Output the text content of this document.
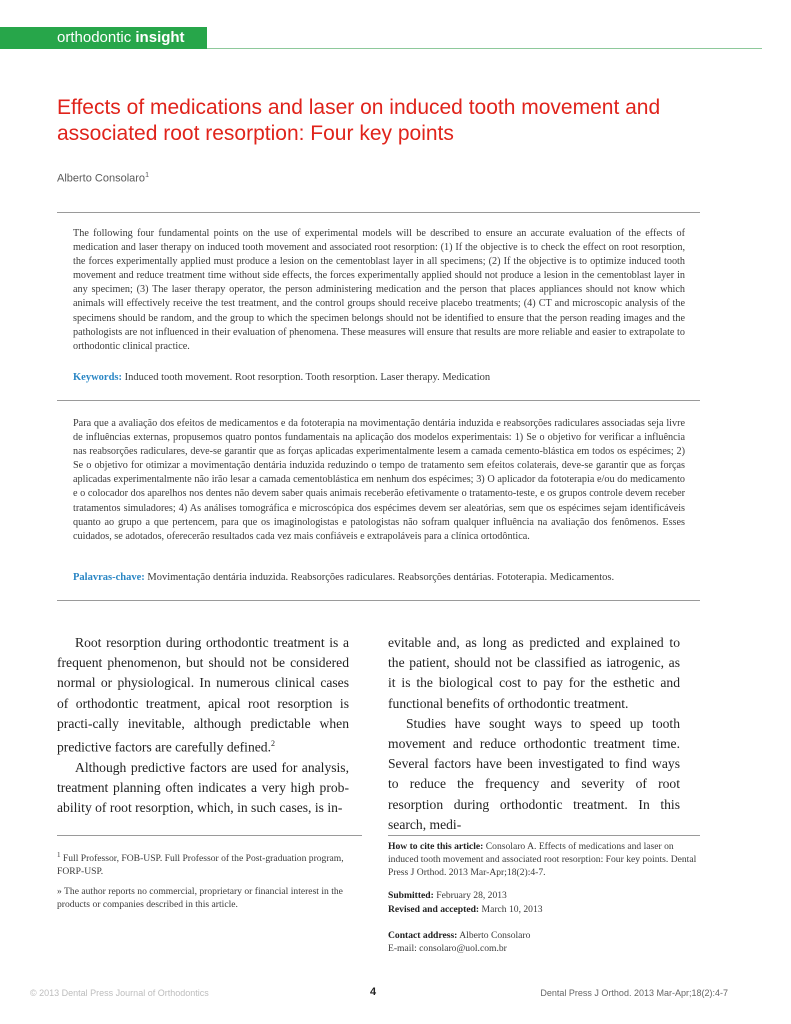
orthodontic insight
Effects of medications and laser on induced tooth movement and associated root resorption: Four key points
Alberto Consolaro$^1$

The following four fundamental points on the use of experimental models will be described to ensure an accurate evaluation of the effects of medication and laser therapy on induced tooth movement and associated root resorption: (1) If the objective is to check the effect on root resorption, the forces experimentally applied must produce a lesion on the cementoblast layer in all specimens; (2) If the objective is to optimize induced tooth movement and reduce treatment time without side effects, the forces experimentally applied should not produce a lesion in the cementoblast layer in any specimen; (3) The laser therapy operator, the person administering medication and the person that places appliances should not know which animals will effectively receive the test treatment, and the control groups should receive placebo treatments; (4) CT and microscopic analysis of the specimens should be random, and the group to which the specimen belongs should not be identified to ensure that the person reading images and the pathologists are not influenced in their evaluation of phenomena. These measures will ensure that results are more reliable and easier to extrapolate to orthodontic clinical practice.

Keywords: Induced tooth movement. Root resorption. Tooth resorption. Laser therapy. Medication

Para que a avaliação dos efeitos de medicamentos e da fototerapia na movimentação dentária induzida e reabsorções radiculares associadas seja livre de influências externas, propusemos quatro pontos fundamentais na aplicação dos modelos experimentais: 1) Se o objetivo for verificar a influência nas reabsorções radiculares, deve-se garantir que as forças aplicadas experimentalmente lesem a camada cemento-blástica em todos os espécimes; 2) Se o objetivo for otimizar a movimentação dentária induzida reduzindo o tempo de tratamento sem efeitos colaterais, deve-se garantir que as forças aplicadas experimentalmente não irão lesar a camada cementoblástica em nenhum dos espécimes; 3) O aplicador da fototerapia e/ou do medicamento e o colocador dos aparelhos nos dentes não devem saber quais animais receberão efetivamente o tratamento-teste, e os grupos controle devem receber tratamentos simuladores; 4) As análises tomográfica e microscópica dos espécimes devem ser aleatórias, sem que os espécimes sejam identificáveis quanto ao grupo a que pertencem, para que os imaginologistas e patologistas não sofram qualquer influência na avaliação dos fenômenos. Esses cuidados, se adotados, oferecerão resultados cada vez mais confiáveis e extrapoláveis para a clínica ortodôntica.

Palavras-chave: Movimentação dentária induzida. Reabsorções radiculares. Reabsorções dentárias. Fototerapia. Medicamentos.

Root resorption during orthodontic treatment is a frequent phenomenon, but should not be considered normal or physiological. In numerous clinical cases of orthodontic treatment, apical root resorption is practi-cally inevitable, although predictable when predictive factors are carefully defined.$^2$

Although predictive factors are used for analysis, treatment planning often indicates a very high prob-ability of root resorption, which, in such cases, is in-

evitable and, as long as predicted and explained to the patient, should not be classified as iatrogenic, as it is the biological cost to pay for the esthetic and functional benefits of orthodontic treatment.

Studies have sought ways to speed up tooth movement and reduce orthodontic treatment time. Several factors have been investigated to find ways to reduce the frequency and severity of root resorption during orthodontic treatment. In this search, medi-

$^1$ Full Professor, FOB-USP. Full Professor of the Post-graduation program, FORP-USP.

» The author reports no commercial, proprietary or financial interest in the products or companies described in this article.

How to cite this article: Consolaro A. Effects of medications and laser on induced tooth movement and associated root resorption: Four key points. Dental Press J Orthod. 2013 Mar-Apr;18(2):4-7.

Submitted: February 28, 2013

Revised and accepted: March 10, 2013

Contact address: Alberto Consolaro

E-mail: consolaro@uol.com.br

© 2013 Dental Press Journal of Orthodontics	4	Dental Press J Orthod. 2013 Mar-Apr;18(2):4-7
